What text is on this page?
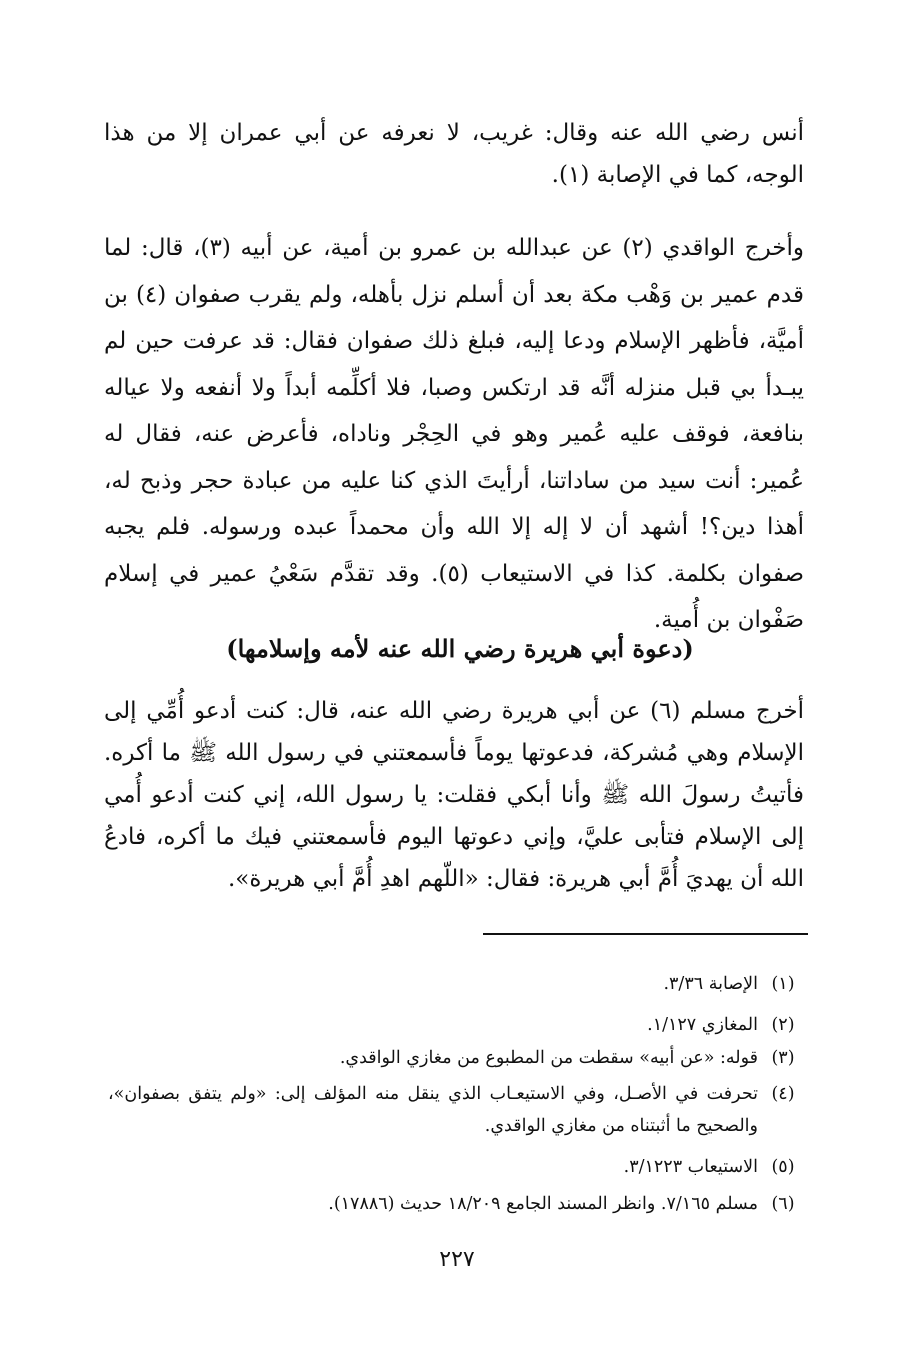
أنس رضي الله عنه وقال: غريب، لا نعرفه عن أبي عمران إلا من هذا الوجه، كما في الإصابة (١).

وأخرج الواقدي (٢) عن عبدالله بن عمرو بن أمية، عن أبيه (٣)، قال: لما قدم عمير بن وَهْب مكة بعد أن أسلم نزل بأهله، ولم يقرب صفوان (٤) بن أميَّة، فأظهر الإسلام ودعا إليه، فبلغ ذلك صفوان فقال: قد عرفت حين لم يبـدأ بي قبل منزله أنَّه قد ارتكس وصبا، فلا أكلِّمه أبداً ولا أنفعه ولا عياله بنافعة، فوقف عليه عُمير وهو في الحِجْر وناداه، فأعرض عنه، فقال له عُمير: أنت سيد من ساداتنا، أرأيتَ الذي كنا عليه من عبادة حجر وذبح له، أهذا دين؟! أشهد أن لا إله إلا الله وأن محمداً عبده ورسوله. فلم يجبه صفوان بكلمة. كذا في الاستيعاب (٥). وقد تقدَّم سَعْيُ عمير في إسلام صَفْوان بن أُمية.

(دعوة أبي هريرة رضي الله عنه لأمه وإسلامها)

أخرج مسلم (٦) عن أبي هريرة رضي الله عنه، قال: كنت أدعو أُمِّي إلى الإسلام وهي مُشركة، فدعوتها يوماً فأسمعتني في رسول الله ﷺ ما أكره. فأتيتُ رسولَ الله ﷺ وأنا أبكي فقلت: يا رسول الله، إني كنت أدعو أُمي إلى الإسلام فتأبى عليَّ، وإني دعوتها اليوم فأسمعتني فيك ما أكره، فادعُ الله أن يهديَ أُمَّ أبي هريرة: فقال: «اللّهم اهدِ أُمَّ أبي هريرة».

(١)
الإصابة ٣/٣٦.
(٢)
المغازي ١/١٢٧.
(٣)
قوله: «عن أبيه» سقطت من المطبوع من مغازي الواقدي.
(٤)
تحرفت في الأصـل، وفي الاستيعـاب الذي ينقل منه المؤلف إلى: «ولم يتفق بصفوان»، والصحيح ما أثبتناه من مغازي الواقدي.
(٥)
الاستيعاب ٣/١٢٢٣.
(٦)
مسلم ٧/١٦٥. وانظر المسند الجامع ١٨/٢٠٩ حديث (١٧٨٨٦).

٢٢٧
